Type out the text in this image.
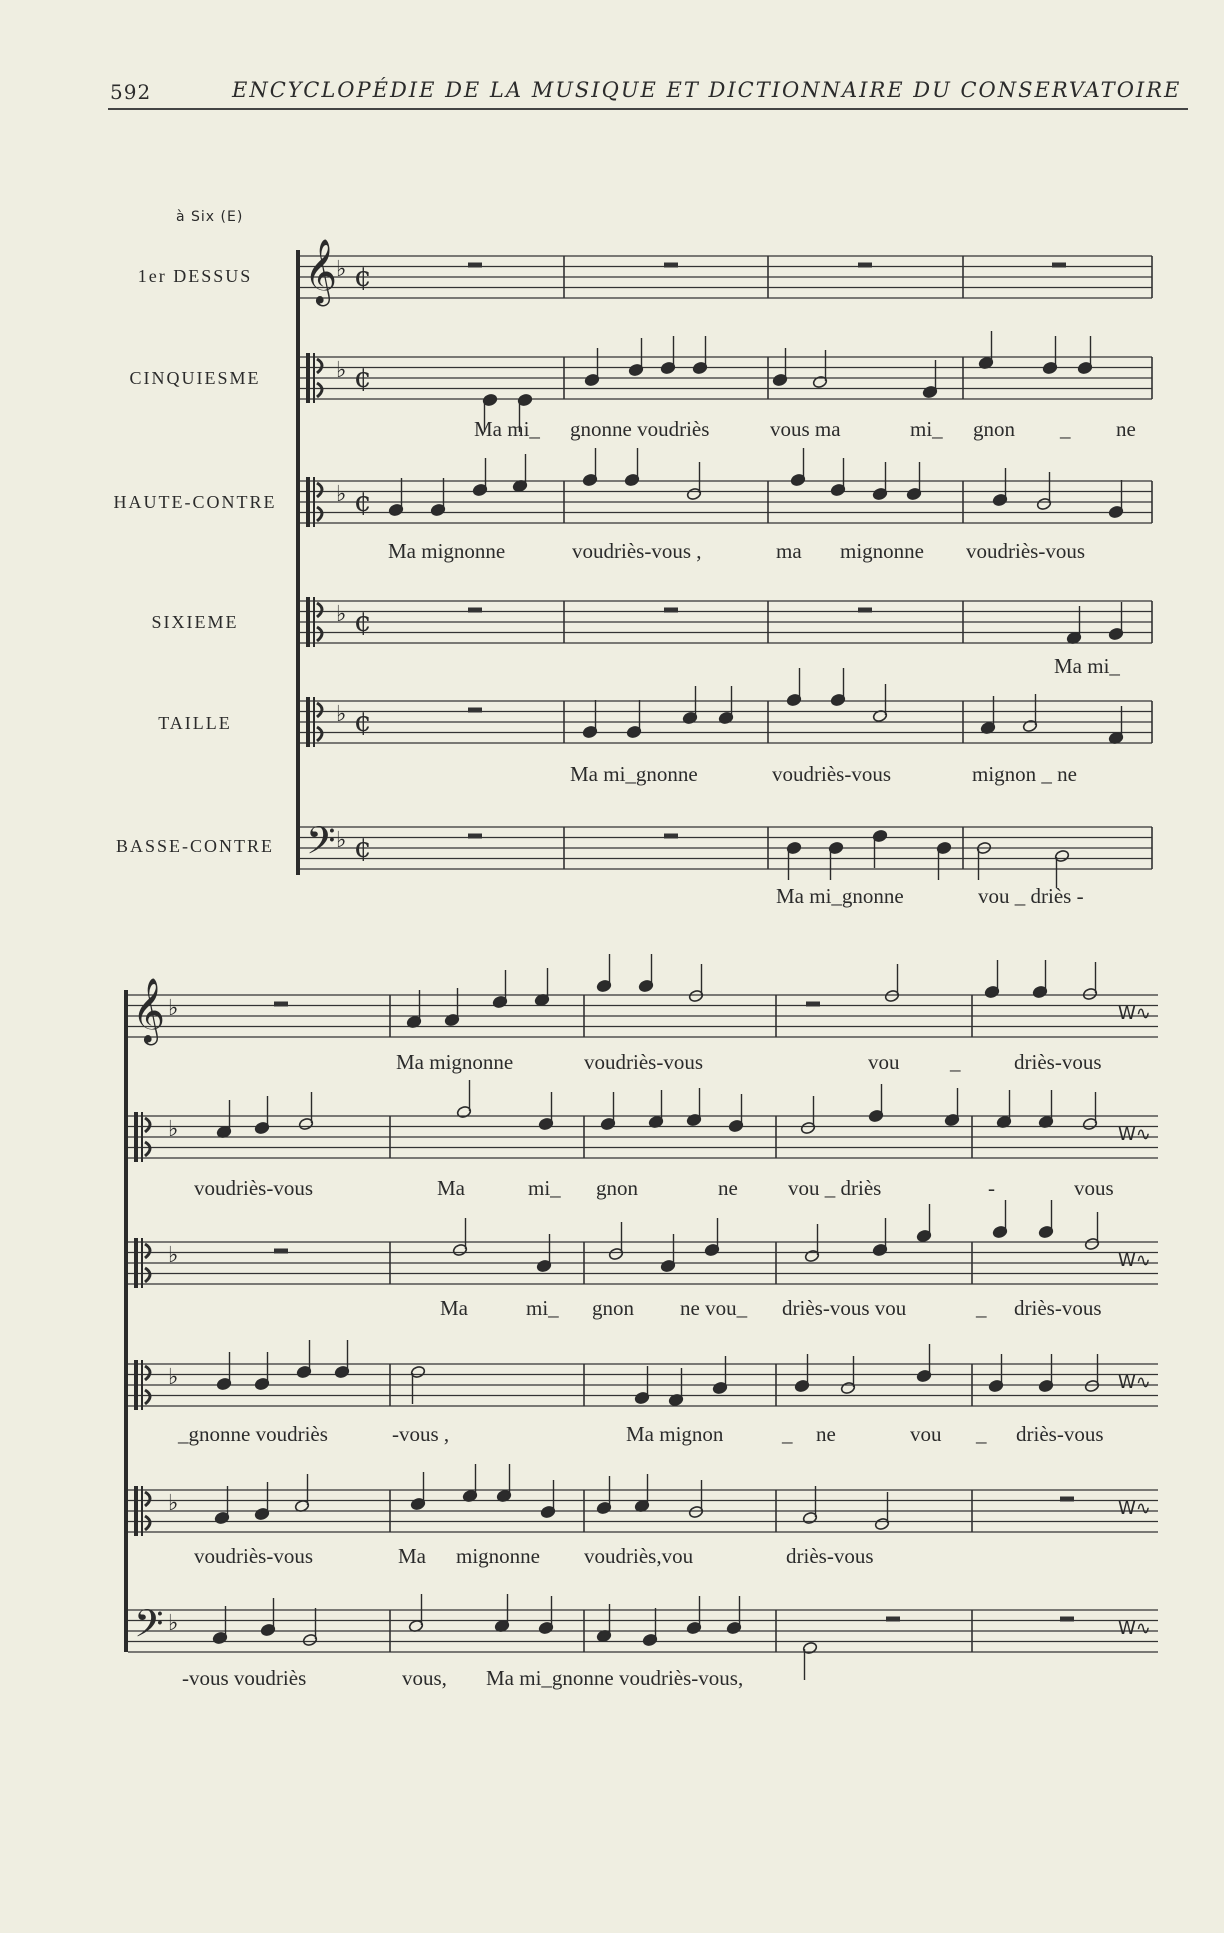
592	ENCYCLOPÉDIE DE LA MUSIQUE ET DICTIONNAIRE DU CONSERVATOIRE
à Six (E)
1er DESSUS
CINQUIESME
HAUTE-CONTRE
SIXIEME
TAILLE
BASSE-CONTRE
Ma mi_ gnonne voudriès	vous ma	mi_ gnon _ ne
Ma mignonne	voudriès-vous ,	ma mignonne voudriès-vous
Ma mi_
Ma mi_gnonne	voudriès-vous	mignon _ ne
Ma mi_gnonne	vou _ driès -
Ma mignonne	voudriès-vous	vou _	driès-vous
voudriès-vous	Ma	mi_ gnon	ne vou _ driès	-	vous
Ma	mi_ gnon ne vou_ driès-vous vou	_ driès-vous
_gnonne voudriès	-vous ,	Ma mignon	_ ne	vou _ driès-vous
voudriès-vous	Ma mignonne voudriès,vou	driès-vous
-vous voudriès	vous, Ma mi_gnonne voudriès-vous,
𝄞
♭ ¢
♭ ¢
♭ ¢
♭ ¢
♭ ¢
𝄢 ♭ ¢
𝄞 ♭	W∿
♭	W∿
♭	W∿
♭	W∿
♭	W∿
𝄢 ♭	W∿
